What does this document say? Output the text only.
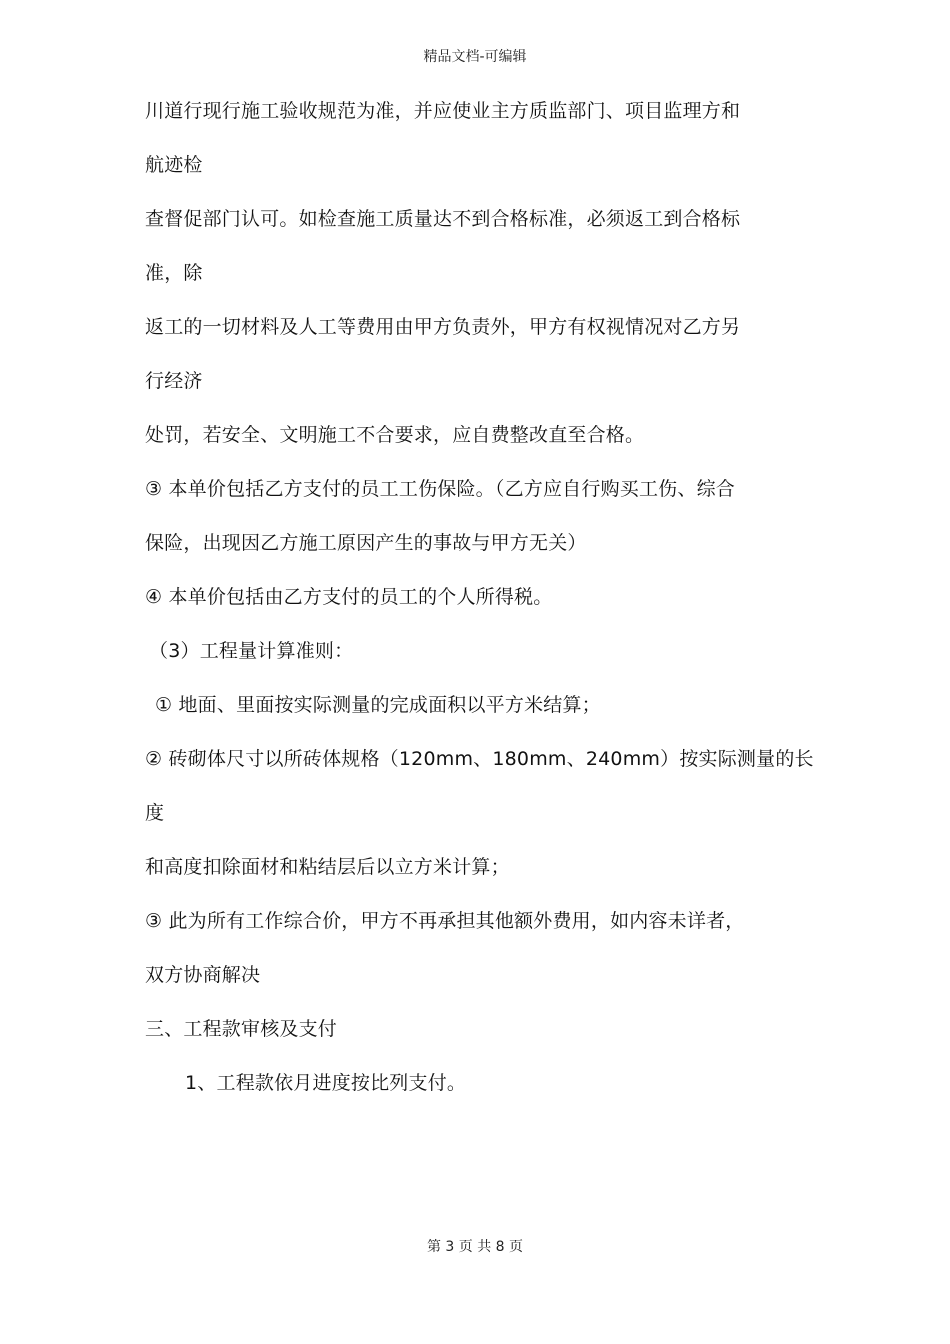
精品文档-可编辑
川道行现行施工验收规范为准，并应使业主方质监部门、项目监理方和
航迹检
查督促部门认可。如检查施工质量达不到合格标准，必须返工到合格标
准，除
返工的一切材料及人工等费用由甲方负责外，甲方有权视情况对乙方另
行经济
处罚，若安全、文明施工不合要求，应自费整改直至合格。
③ 本单价包括乙方支付的员工工伤保险。（乙方应自行购买工伤、综合
保险，出现因乙方施工原因产生的事故与甲方无关）
④ 本单价包括由乙方支付的员工的个人所得税。
（3）工程量计算准则：
① 地面、里面按实际测量的完成面积以平方米结算；
② 砖砌体尺寸以所砖体规格（120mm、180mm、240mm）按实际测量的长
度
和高度扣除面材和粘结层后以立方米计算；
③ 此为所有工作综合价，甲方不再承担其他额外费用，如内容未详者，
双方协商解决
三、工程款审核及支付
1、工程款依月进度按比列支付。
第 3 页 共 8 页
